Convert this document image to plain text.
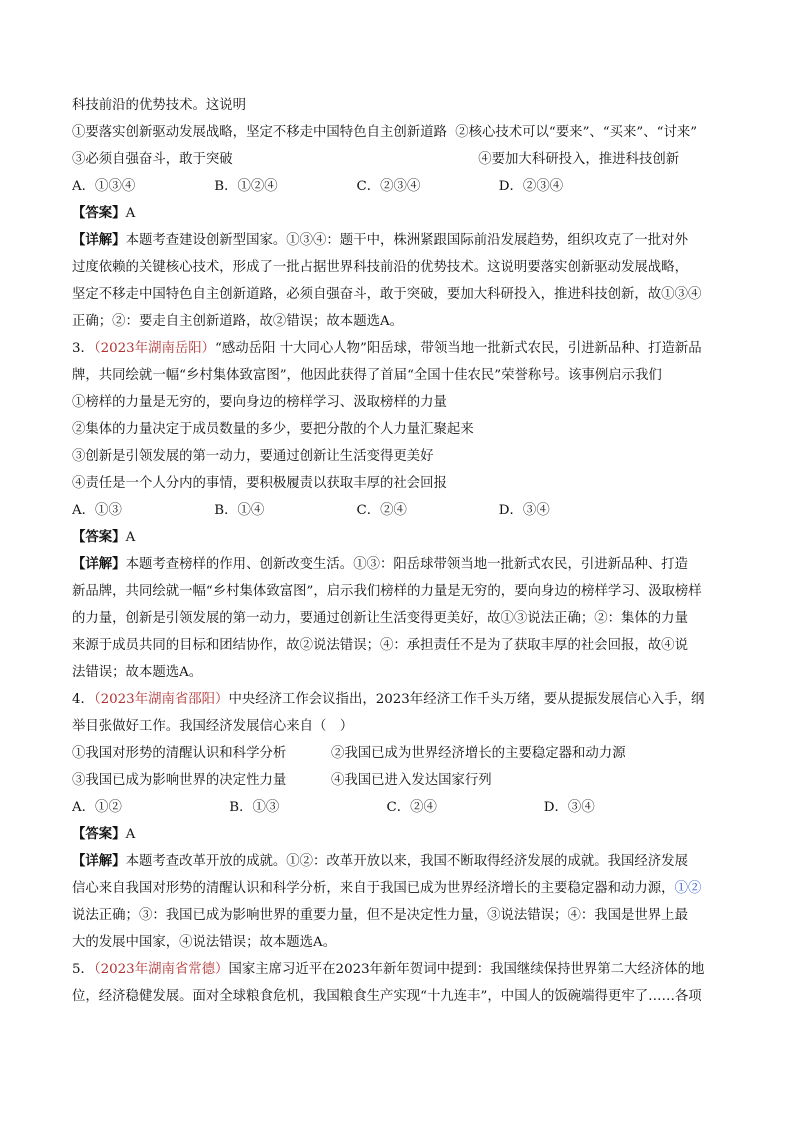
科技前沿的优势技术。这说明
①要落实创新驱动发展战略，坚定不移走中国特色自主创新道路 ②核心技术可以“要来”、“买来”、“讨来”
③必须自强奋斗，敢于突破	④要加大科研投入，推进科技创新
A．①③④	B．①②④	C．②③④	D．②③④
【答案】A
【详解】本题考查建设创新型国家。①③④：题干中，株洲紧跟国际前沿发展趋势，组织攻克了一批对外
过度依赖的关键核心技术，形成了一批占据世界科技前沿的优势技术。这说明要落实创新驱动发展战略，
坚定不移走中国特色自主创新道路，必须自强奋斗，敢于突破，要加大科研投入，推进科技创新，故①③④
正确；②：要走自主创新道路，故②错误；故本题选A。
3．（2023年湖南岳阳）“感动岳阳 十大同心人物”阳岳球，带领当地一批新式农民，引进新品种、打造新品
牌，共同绘就一幅“乡村集体致富图”，他因此获得了首届“全国十佳农民”荣誉称号。该事例启示我们
①榜样的力量是无穷的，要向身边的榜样学习、汲取榜样的力量
②集体的力量决定于成员数量的多少，要把分散的个人力量汇聚起来
③创新是引领发展的第一动力，要通过创新让生活变得更美好
④责任是一个人分内的事情，要积极履责以获取丰厚的社会回报
A．①③	B．①④	C．②④	D．③④
【答案】A
【详解】本题考查榜样的作用、创新改变生活。①③：阳岳球带领当地一批新式农民，引进新品种、打造
新品牌，共同绘就一幅“乡村集体致富图”，启示我们榜样的力量是无穷的，要向身边的榜样学习、汲取榜样
的力量，创新是引领发展的第一动力，要通过创新让生活变得更美好，故①③说法正确；②：集体的力量
来源于成员共同的目标和团结协作，故②说法错误；④：承担责任不是为了获取丰厚的社会回报，故④说
法错误；故本题选A。
4．（2023年湖南省邵阳）中央经济工作会议指出，2023年经济工作千头万绪，要从提振发展信心入手，纲
举目张做好工作。我国经济发展信心来自（　）
①我国对形势的清醒认识和科学分析	②我国已成为世界经济增长的主要稳定器和动力源
③我国已成为影响世界的决定性力量	④我国已进入发达国家行列
A．①②	B．①③	C．②④	D．③④
【答案】A
【详解】本题考查改革开放的成就。①②：改革开放以来，我国不断取得经济发展的成就。我国经济发展
信心来自我国对形势的清醒认识和科学分析，来自于我国已成为世界经济增长的主要稳定器和动力源，①②
说法正确；③：我国已成为影响世界的重要力量，但不是决定性力量，③说法错误；④：我国是世界上最
大的发展中国家，④说法错误；故本题选A。
5．（2023年湖南省常德）国家主席习近平在2023年新年贺词中提到：我国继续保持世界第二大经济体的地
位，经济稳健发展。面对全球粮食危机，我国粮食生产实现“十九连丰”，中国人的饭碗端得更牢了……各项
